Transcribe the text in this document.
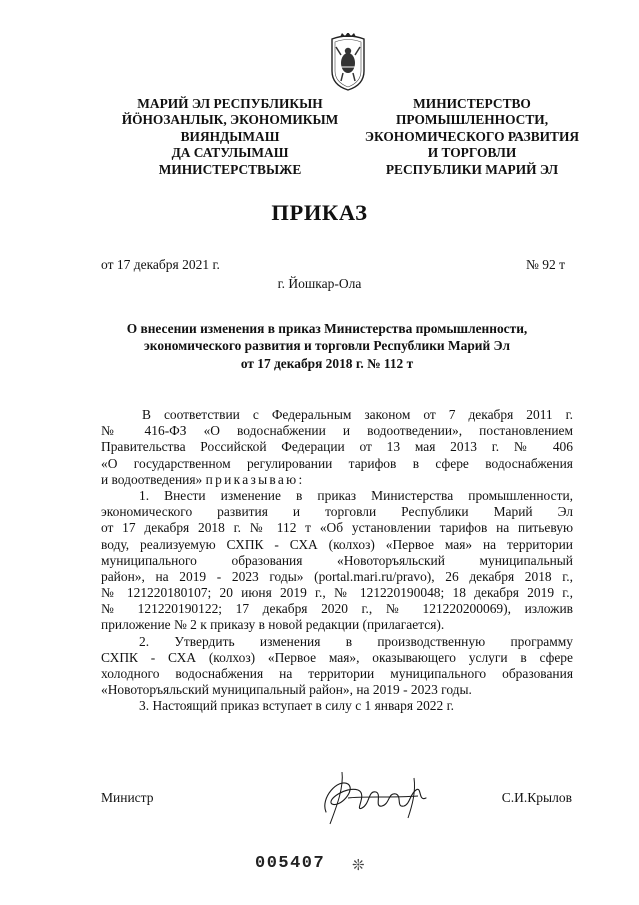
МАРИЙ ЭЛ РЕСПУБЛИКЫН
ЙӦНОЗАНЛЫК, ЭКОНОМИКЫМ
ВИЯНДЫМАШ
ДА САТУЛЫМАШ
МИНИСТЕРСТВЫЖЕ
МИНИСТЕРСТВО
ПРОМЫШЛЕННОСТИ,
ЭКОНОМИЧЕСКОГО РАЗВИТИЯ
И ТОРГОВЛИ
РЕСПУБЛИКИ МАРИЙ ЭЛ
ПРИКАЗ
от 17 декабря 2021 г.	№ 92 т
г. Йошкар-Ола
О внесении изменения в приказ Министерства промышленности,
экономического развития и торговли Республики Марий Эл
от 17 декабря 2018 г. № 112 т
В соответствии с Федеральным законом от 7 декабря 2011 г.
№ 416-ФЗ «О водоснабжении и водоотведении», постановлением
Правительства Российской Федерации от 13 мая 2013 г. № 406
«О государственном регулировании тарифов в сфере водоснабжения
и водоотведения» приказываю:
1. Внести изменение в приказ Министерства промышленности,
экономического развития и торговли Республики Марий Эл
от 17 декабря 2018 г. № 112 т «Об установлении тарифов на питьевую
воду, реализуемую СХПК - СХА (колхоз) «Первое мая» на территории
муниципального образования «Новоторъяльский муниципальный
район», на 2019 - 2023 годы» (portal.mari.ru/pravo), 26 декабря 2018 г.,
№ 121220180107; 20 июня 2019 г., № 121220190048; 18 декабря 2019 г.,
№ 121220190122; 17 декабря 2020 г., № 121220200069), изложив
приложение № 2 к приказу в новой редакции (прилагается).
2. Утвердить изменения в производственную программу
СХПК - СХА (колхоз) «Первое мая», оказывающего услуги в сфере
холодного водоснабжения на территории муниципального образования
«Новоторъяльский муниципальный район», на 2019 - 2023 годы.
3. Настоящий приказ вступает в силу с 1 января 2022 г.
Министр	С.И.Крылов
005407 ❊
